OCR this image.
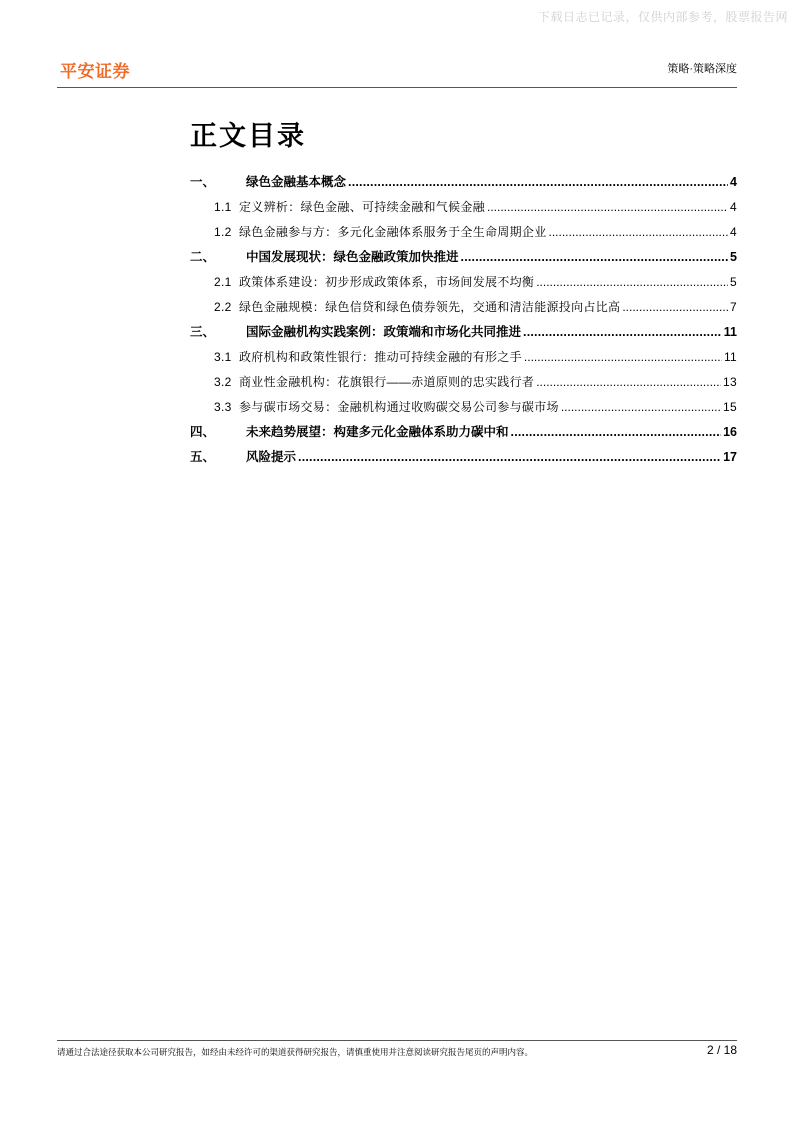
下载日志已记录，仅供内部参考，股票报告网
平安证券	策略·策略深度
正文目录
一、	绿色金融基本概念 .....	4
1.1 定义辨析：绿色金融、可持续金融和气候金融 .....	4
1.2 绿色金融参与方：多元化金融体系服务于全生命周期企业 .....	4
二、	中国发展现状：绿色金融政策加快推进 .....	5
2.1 政策体系建设：初步形成政策体系，市场间发展不均衡 .....	5
2.2 绿色金融规模：绿色信贷和绿色债券领先，交通和清洁能源投向占比高 .....	7
三、	国际金融机构实践案例：政策端和市场化共同推进 .....	11
3.1 政府机构和政策性银行：推动可持续金融的有形之手 .....	11
3.2 商业性金融机构：花旗银行——赤道原则的忠实践行者 .....	13
3.3 参与碳市场交易：金融机构通过收购碳交易公司参与碳市场 .....	15
四、	未来趋势展望：构建多元化金融体系助力碳中和 .....	16
五、	风险提示 .....	17
请通过合法途径获取本公司研究报告，如经由未经许可的渠道获得研究报告，请慎重使用并注意阅读研究报告尾页的声明内容。	2 / 18
